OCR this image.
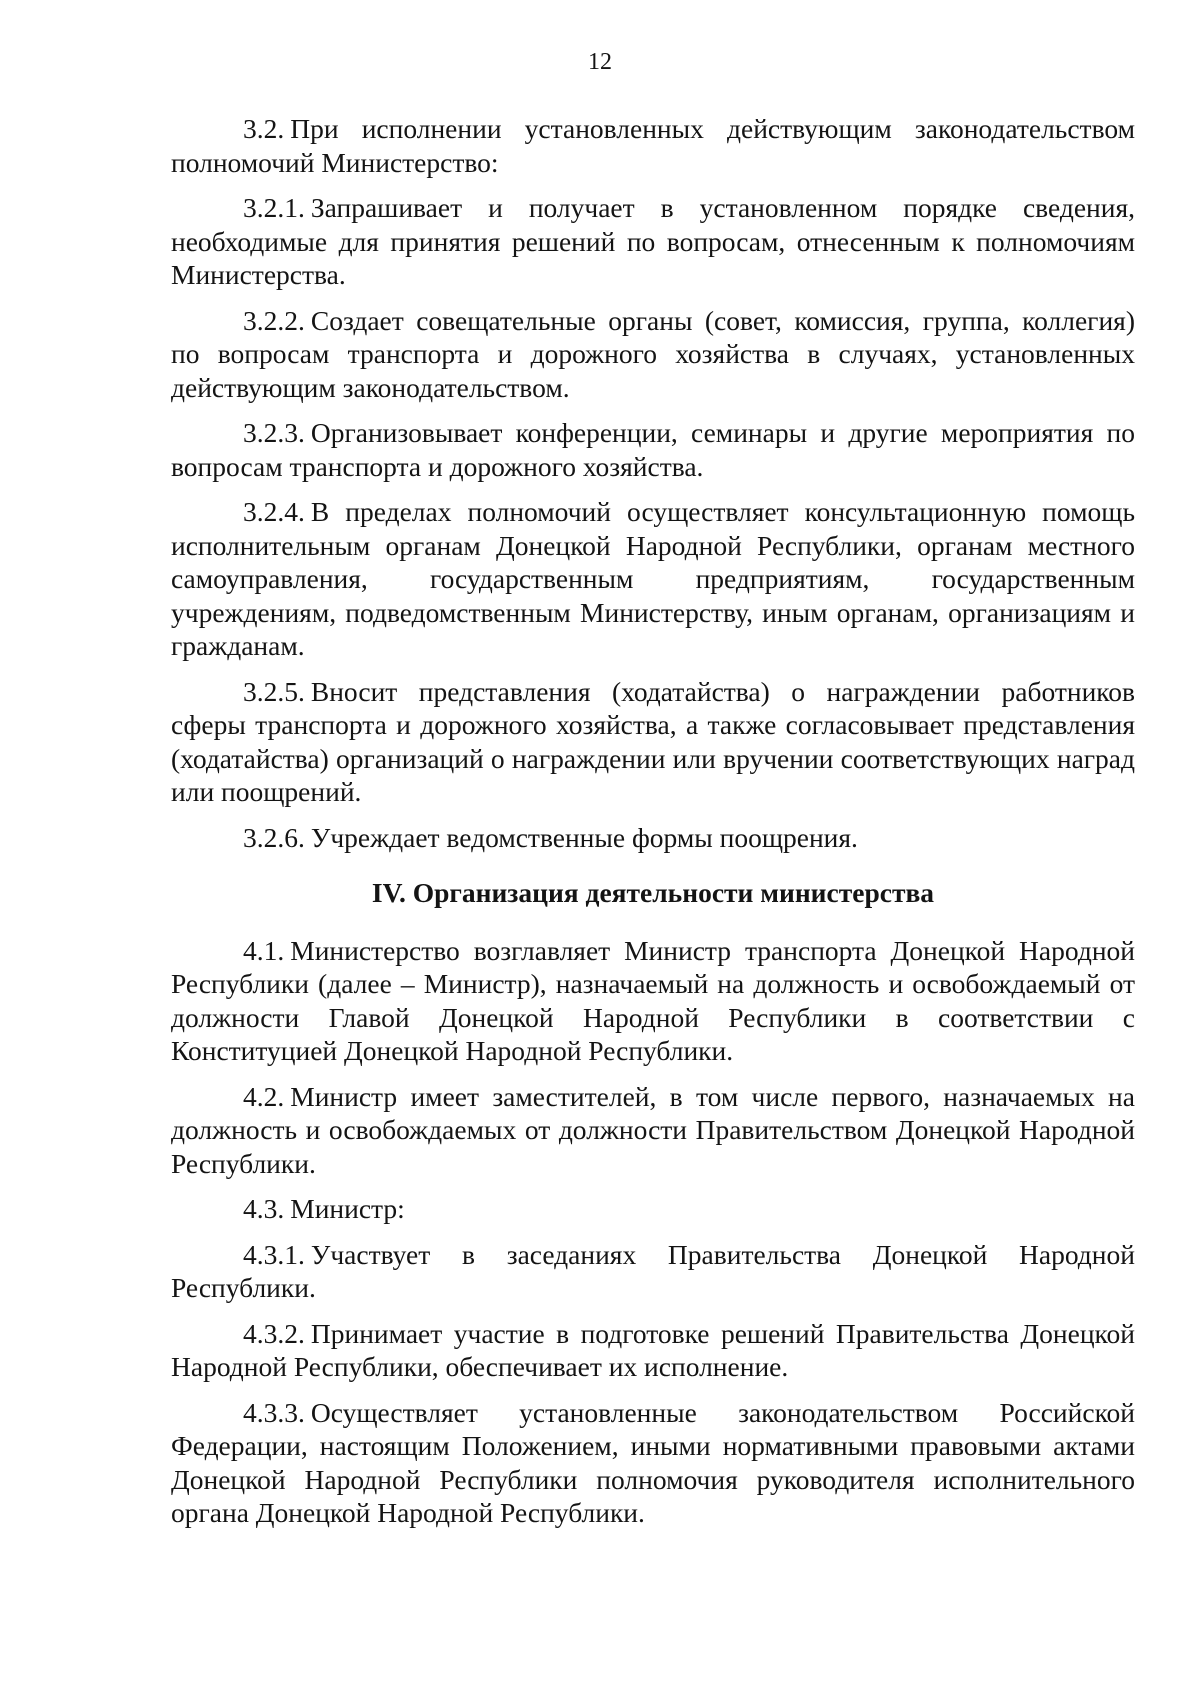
12

3.2. При исполнении установленных действующим законодательством полномочий Министерство:

3.2.1. Запрашивает и получает в установленном порядке сведения, необходимые для принятия решений по вопросам, отнесенным к полномочиям Министерства.

3.2.2. Создает совещательные органы (совет, комиссия, группа, коллегия) по вопросам транспорта и дорожного хозяйства в случаях, установленных действующим законодательством.

3.2.3. Организовывает конференции, семинары и другие мероприятия по вопросам транспорта и дорожного хозяйства.

3.2.4. В пределах полномочий осуществляет консультационную помощь исполнительным органам Донецкой Народной Республики, органам местного самоуправления, государственным предприятиям, государственным учреждениям, подведомственным Министерству, иным органам, организациям и гражданам.

3.2.5. Вносит представления (ходатайства) о награждении работников сферы транспорта и дорожного хозяйства, а также согласовывает представления (ходатайства) организаций о награждении или вручении соответствующих наград или поощрений.

3.2.6. Учреждает ведомственные формы поощрения.

IV. Организация деятельности министерства

4.1. Министерство возглавляет Министр транспорта Донецкой Народной Республики (далее – Министр), назначаемый на должность и освобождаемый от должности Главой Донецкой Народной Республики в соответствии с Конституцией Донецкой Народной Республики.

4.2. Министр имеет заместителей, в том числе первого, назначаемых на должность и освобождаемых от должности Правительством Донецкой Народной Республики.

4.3. Министр:

4.3.1. Участвует в заседаниях Правительства Донецкой Народной Республики.

4.3.2. Принимает участие в подготовке решений Правительства Донецкой Народной Республики, обеспечивает их исполнение.

4.3.3. Осуществляет установленные законодательством Российской Федерации, настоящим Положением, иными нормативными правовыми актами Донецкой Народной Республики полномочия руководителя исполнительного органа Донецкой Народной Республики.
